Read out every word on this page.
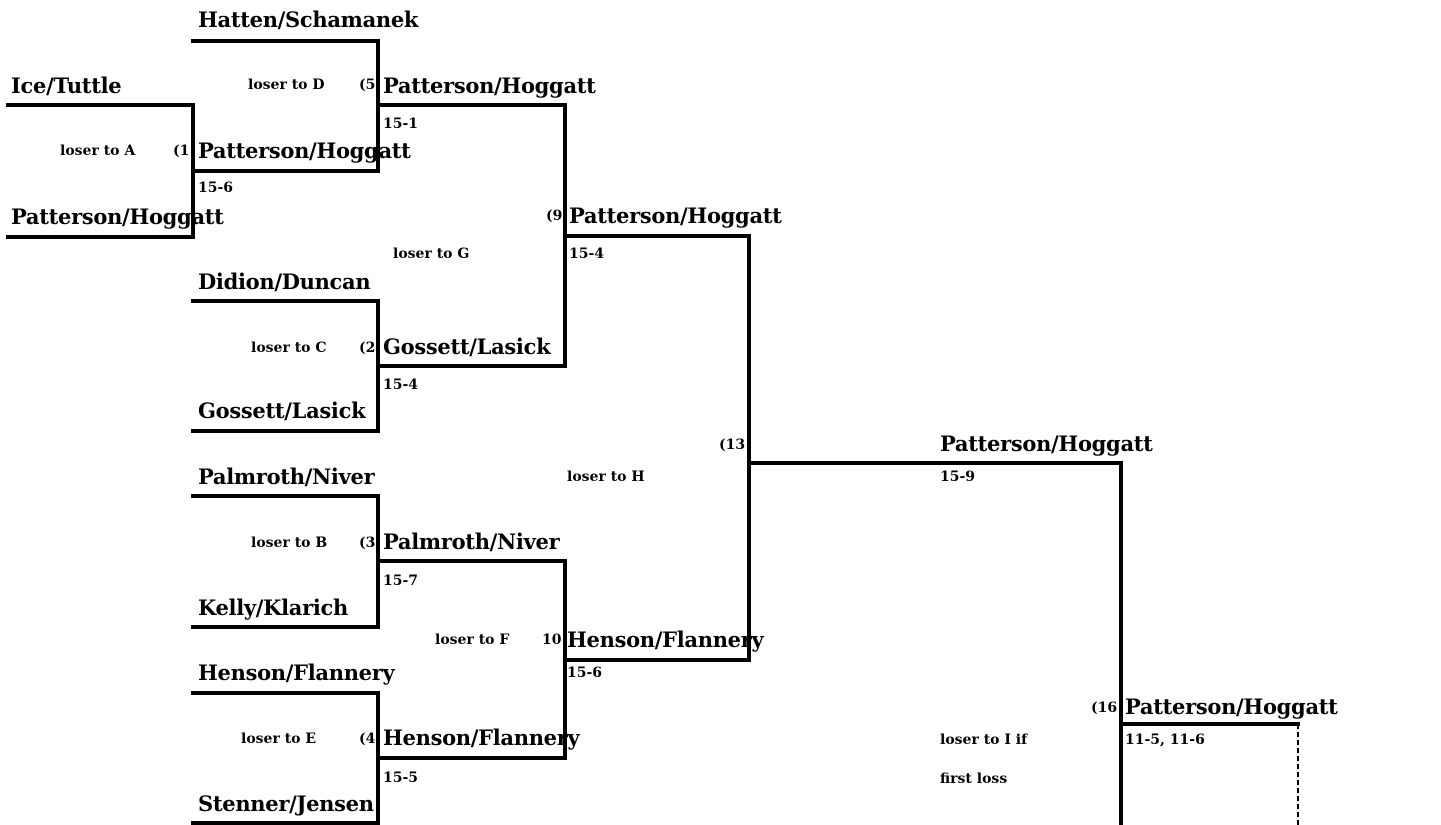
Ice/Tuttle
loser to A	(1 Patterson/Hoggatt
15-6
Patterson/Hoggatt
Hatten/Schamanek
loser to D (5 Patterson/Hoggatt
15-1
(9 Patterson/Hoggatt
15-4
loser to G
Didion/Duncan
loser to C (2 Gossett/Lasick
15-4
Gossett/Lasick
(13	Patterson/Hoggatt
15-9
loser to H
Palmroth/Niver
loser to B (3 Palmroth/Niver
15-7
Kelly/Klarich
loser to F 10 Henson/Flannery
15-6
Henson/Flannery
loser to E	(4 Henson/Flannery
15-5
Stenner/Jensen
(16 Patterson/Hoggatt
11-5, 11-6
loser to I if
first loss
